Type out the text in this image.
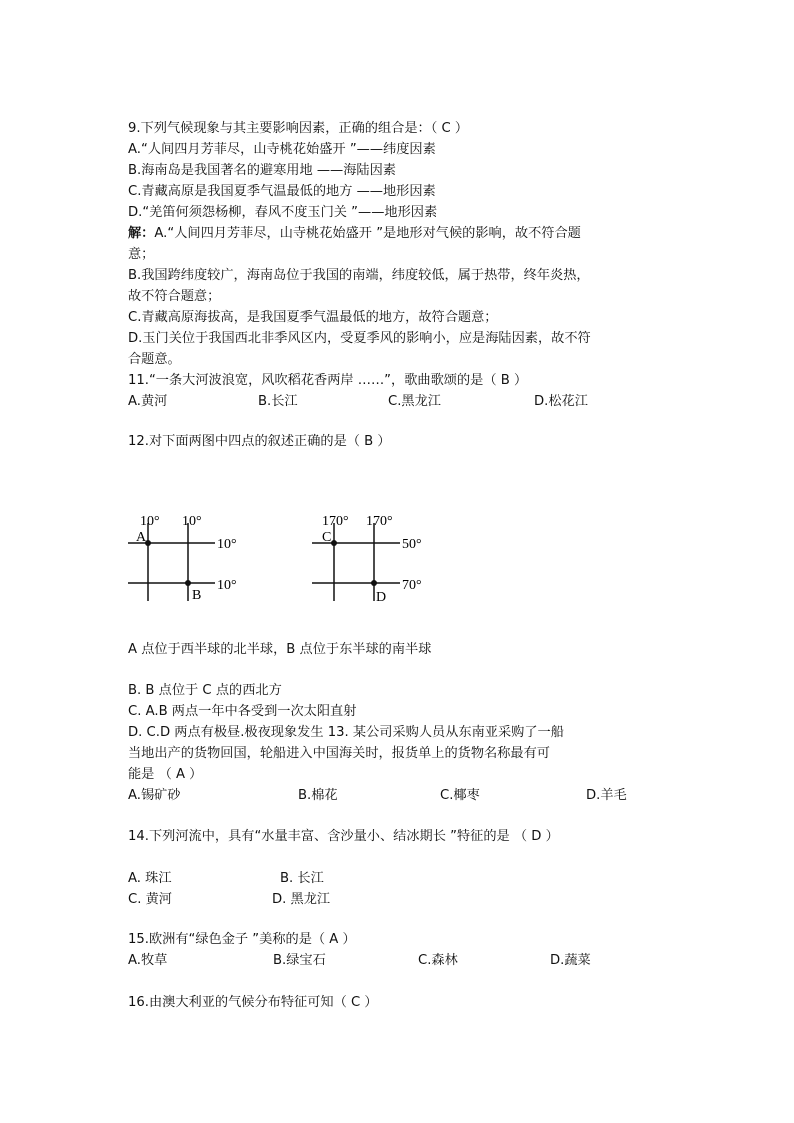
9.下列气候现象与其主要影响因素，正确的组合是：（ C ）
A.“人间四月芳菲尽，山寺桃花始盛开 ”——纬度因素
B.海南岛是我国著名的避寒用地 ——海陆因素
C.青藏高原是我国夏季气温最低的地方 ——地形因素
D.“羌笛何须怨杨柳，春风不度玉门关 ”——地形因素
解：A.“人间四月芳菲尽，山寺桃花始盛开 ”是地形对气候的影响，故不符合题
意；
B.我国跨纬度较广，海南岛位于我国的南端，纬度较低，属于热带，终年炎热，
故不符合题意；
C.青藏高原海拔高，是我国夏季气温最低的地方，故符合题意；
D.玉门关位于我国西北非季风区内，受夏季风的影响小，应是海陆因素，故不符
合题意。
11.“一条大河波浪宽，风吹稻花香两岸 ……”，歌曲歌颂的是（ B ）
A.黄河	B.长江	C.黑龙江	D.松花江
12.对下面两图中四点的叙述正确的是（ B ）
10° 10°
10°
10°
A
B
170° 170°
50°
70°
C
D
A 点位于西半球的北半球，B 点位于东半球的南半球
B. B 点位于 C 点的西北方
C. A.B 两点一年中各受到一次太阳直射
D. C.D 两点有极昼.极夜现象发生 13. 某公司采购人员从东南亚采购了一船
当地出产的货物回国，轮船进入中国海关时，报货单上的货物名称最有可
能是 （ A ）
A.锡矿砂	B.棉花	C.椰枣	D.羊毛
14.下列河流中，具有“水量丰富、含沙量小、结冰期长 ”特征的是 （ D ）
A. 珠江	B. 长江
C. 黄河	D. 黑龙江
15.欧洲有“绿色金子 ”美称的是（ A ）
A.牧草	B.绿宝石	C.森林	D.蔬菜
16.由澳大利亚的气候分布特征可知（ C ）
